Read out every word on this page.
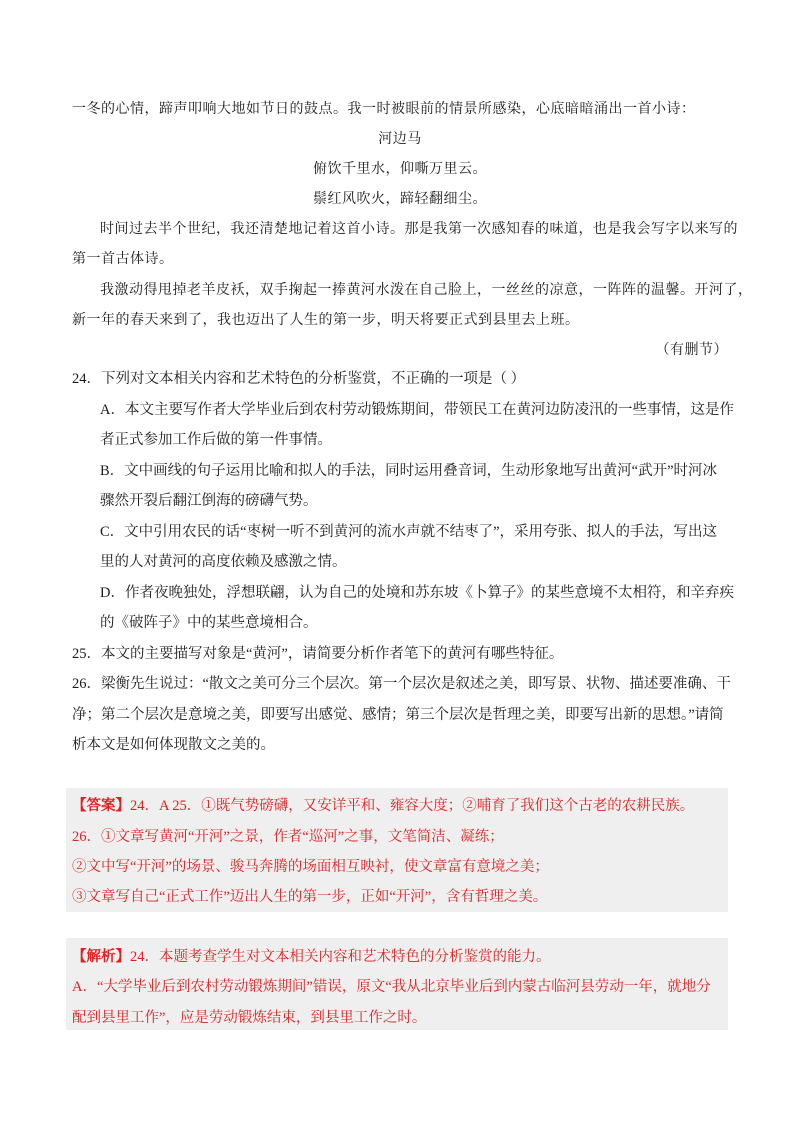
一冬的心情，蹄声叩响大地如节日的鼓点。我一时被眼前的情景所感染，心底暗暗涌出一首小诗：
河边马
俯饮千里水，仰嘶万里云。
鬃红风吹火，蹄轻翻细尘。
时间过去半个世纪，我还清楚地记着这首小诗。那是我第一次感知春的味道，也是我会写字以来写的
第一首古体诗。
我激动得甩掉老羊皮袄，双手掬起一捧黄河水泼在自己脸上，一丝丝的凉意，一阵阵的温馨。开河了，
新一年的春天来到了，我也迈出了人生的第一步，明天将要正式到县里去上班。
（有删节）
24．下列对文本相关内容和艺术特色的分析鉴赏，不正确的一项是（ ）
A．本文主要写作者大学毕业后到农村劳动锻炼期间，带领民工在黄河边防凌汛的一些事情，这是作
者正式参加工作后做的第一件事情。
B．文中画线的句子运用比喻和拟人的手法，同时运用叠音词，生动形象地写出黄河“武开”时河冰
骤然开裂后翻江倒海的磅礴气势。
C．文中引用农民的话“枣树一听不到黄河的流水声就不结枣了”，采用夸张、拟人的手法，写出这
里的人对黄河的高度依赖及感激之情。
D．作者夜晚独处，浮想联翩，认为自己的处境和苏东坡《卜算子》的某些意境不太相符，和辛弃疾
的《破阵子》中的某些意境相合。
25．本文的主要描写对象是“黄河”，请简要分析作者笔下的黄河有哪些特征。
26．梁衡先生说过：“散文之美可分三个层次。第一个层次是叙述之美，即写景、状物、描述要准确、干
净；第二个层次是意境之美，即要写出感觉、感情；第三个层次是哲理之美，即要写出新的思想。”请简
析本文是如何体现散文之美的。
【答案】24．A 25．①既气势磅礴，又安详平和、雍容大度；②哺育了我们这个古老的农耕民族。
26．①文章写黄河“开河”之景，作者“巡河”之事，文笔简洁、凝练；
②文中写“开河”的场景、骏马奔腾的场面相互映衬，使文章富有意境之美；
③文章写自己“正式工作”迈出人生的第一步，正如“开河”，含有哲理之美。
【解析】24．本题考查学生对文本相关内容和艺术特色的分析鉴赏的能力。
A．“大学毕业后到农村劳动锻炼期间”错误，原文“我从北京毕业后到内蒙古临河县劳动一年，就地分
配到县里工作”，应是劳动锻炼结束，到县里工作之时。
